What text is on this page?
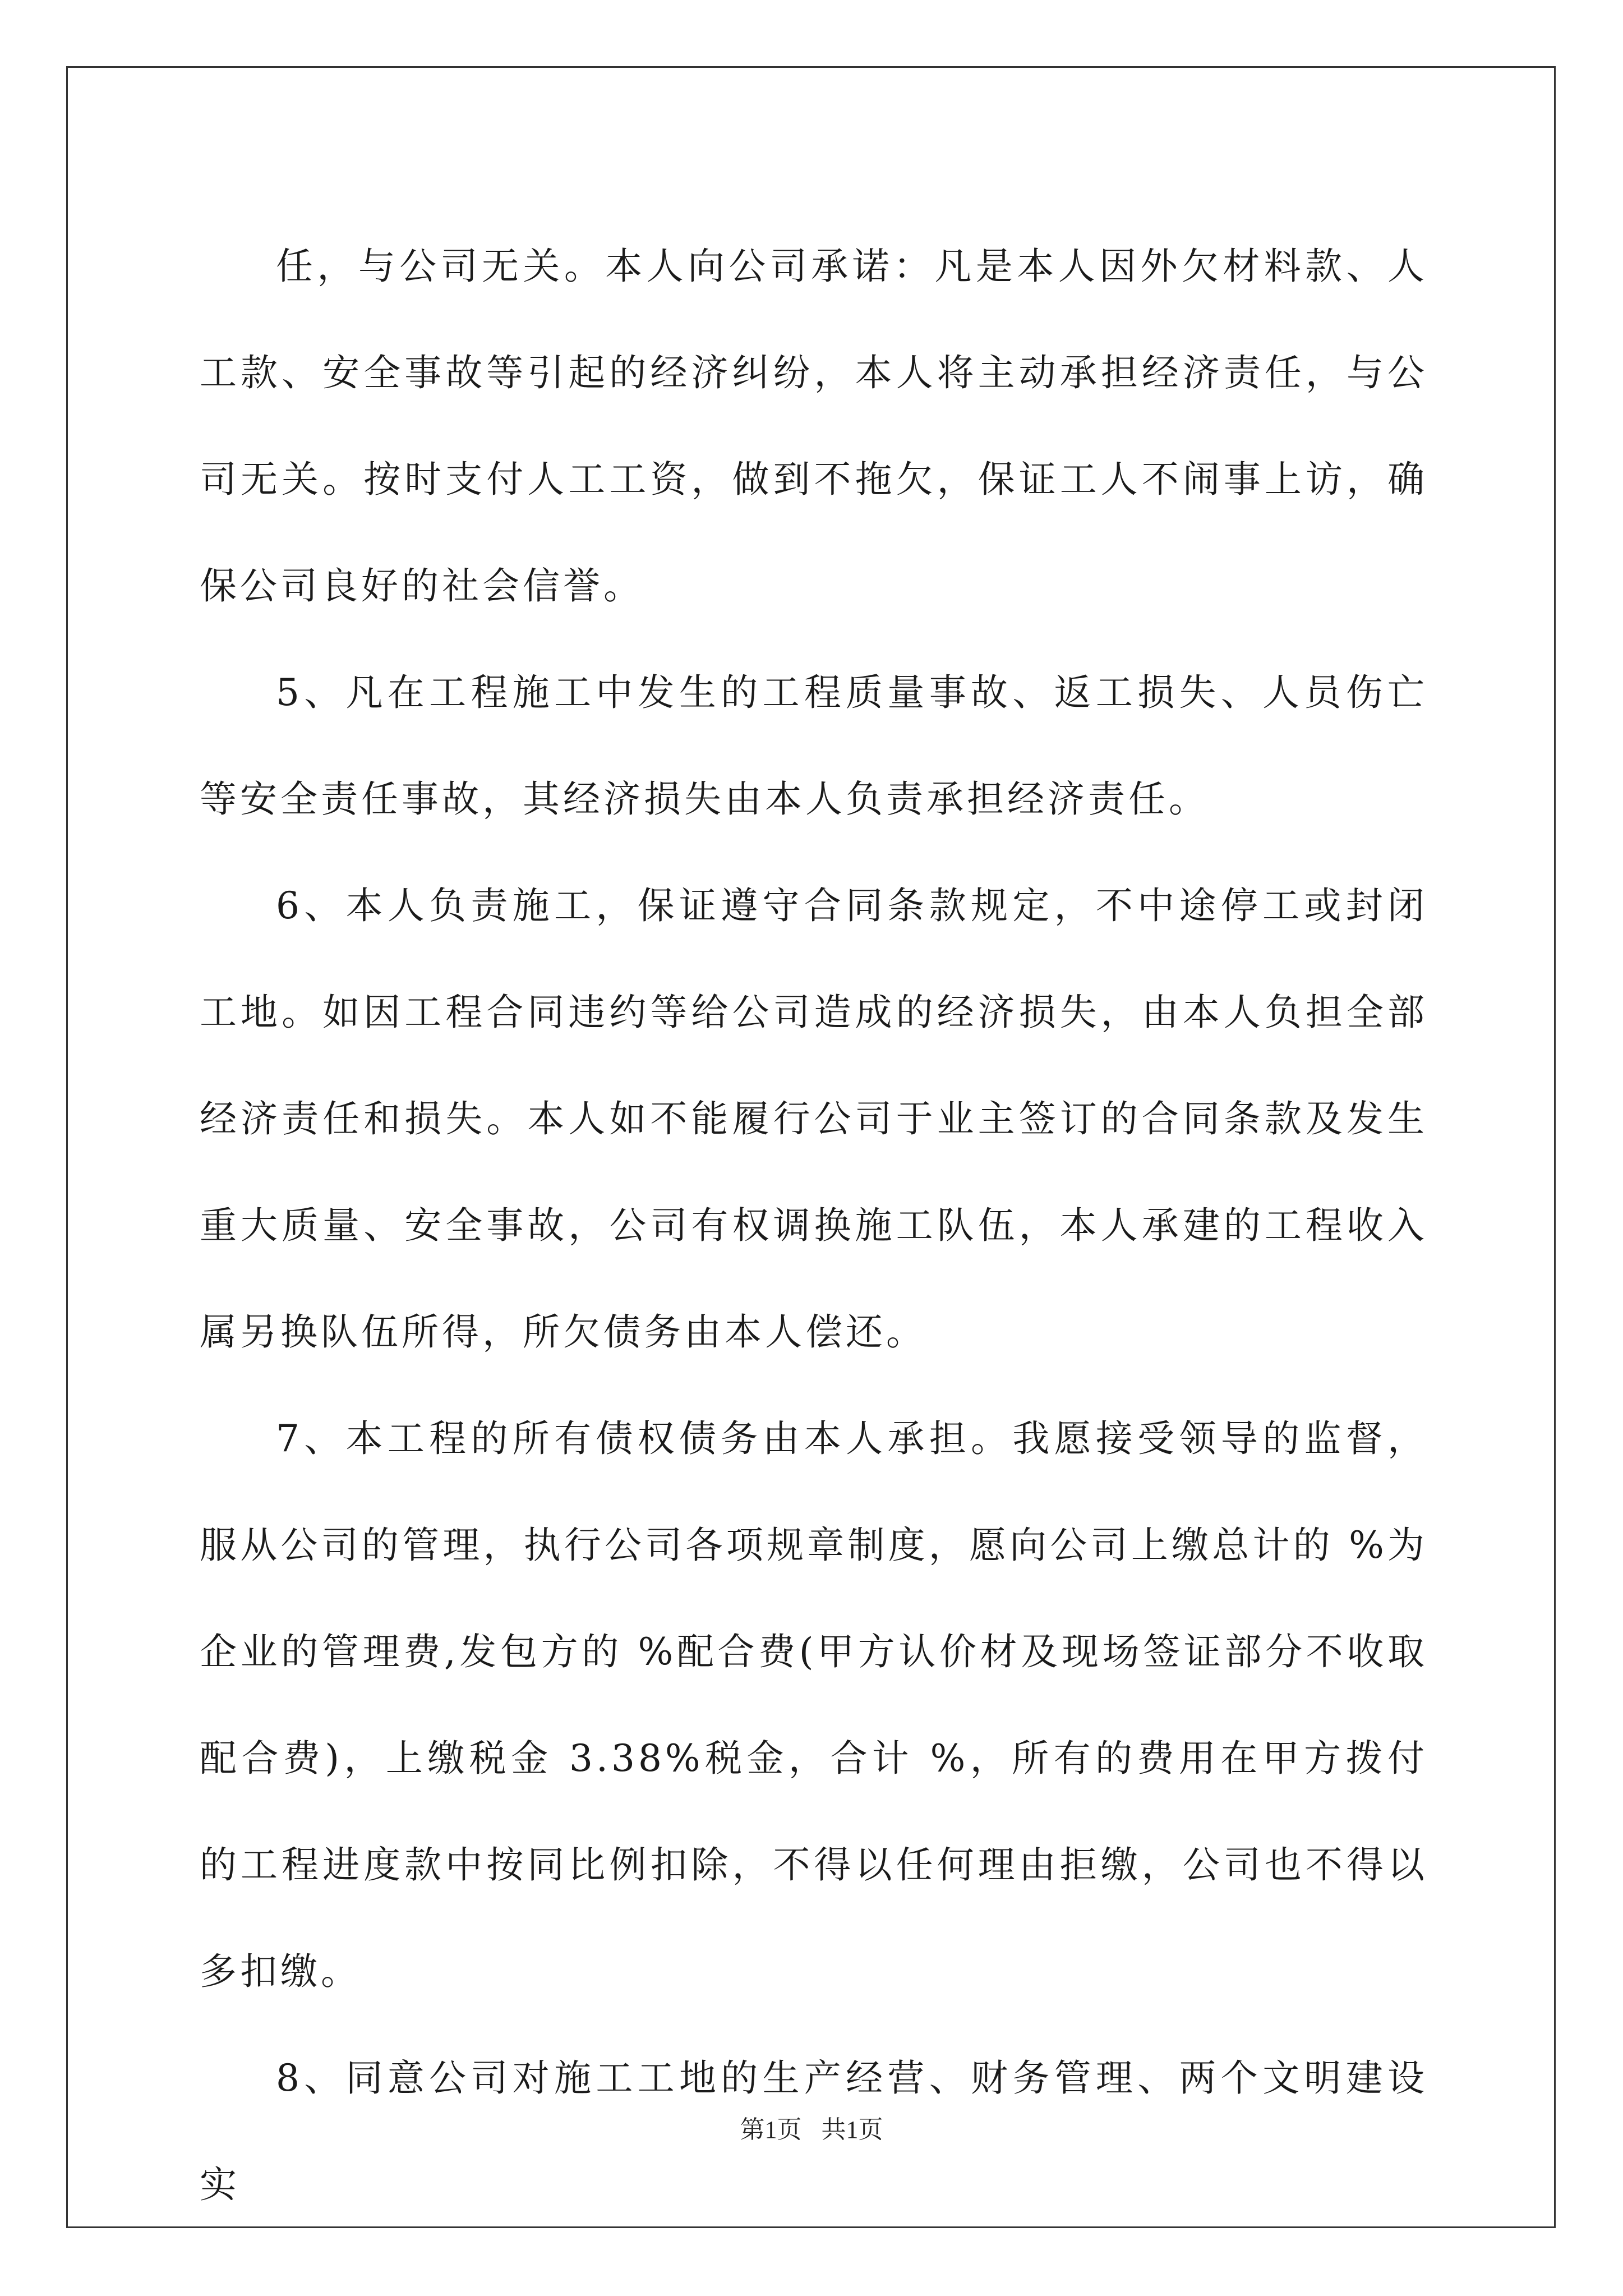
任，与公司无关。本人向公司承诺：凡是本人因外欠材料款、人工款、安全事故等引起的经济纠纷，本人将主动承担经济责任，与公司无关。按时支付人工工资，做到不拖欠，保证工人不闹事上访，确保公司良好的社会信誉。

5、凡在工程施工中发生的工程质量事故、返工损失、人员伤亡等安全责任事故，其经济损失由本人负责承担经济责任。

6、本人负责施工，保证遵守合同条款规定，不中途停工或封闭工地。如因工程合同违约等给公司造成的经济损失，由本人负担全部经济责任和损失。本人如不能履行公司于业主签订的合同条款及发生重大质量、安全事故，公司有权调换施工队伍，本人承建的工程收入属另换队伍所得，所欠债务由本人偿还。

7、本工程的所有债权债务由本人承担。我愿接受领导的监督，服从公司的管理，执行公司各项规章制度，愿向公司上缴总计的 %为企业的管理费,发包方的 %配合费(甲方认价材及现场签证部分不收取配合费)，上缴税金 3.38%税金，合计 %，所有的费用在甲方拨付的工程进度款中按同比例扣除，不得以任何理由拒缴，公司也不得以多扣缴。

8、同意公司对施工工地的生产经营、财务管理、两个文明建设实

第1页 共1页
